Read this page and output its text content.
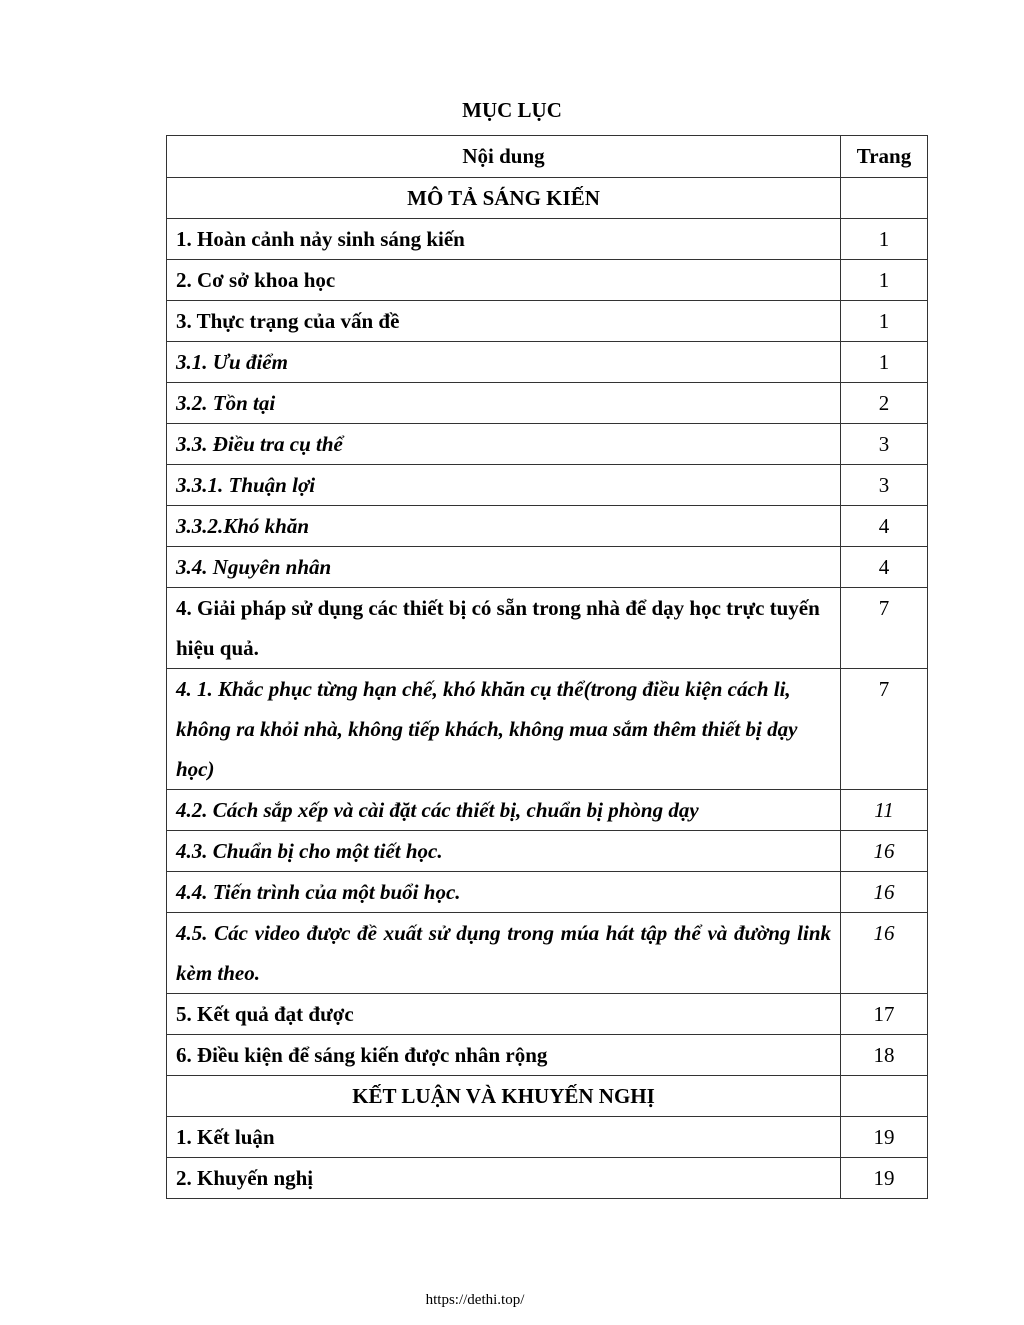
MỤC LỤC
Nội dung	Trang
MÔ TẢ SÁNG KIẾN	
1. Hoàn cảnh nảy sinh sáng kiến	1
2. Cơ sở khoa học	1
3. Thực trạng của vấn đề	1
3.1. Ưu điểm	1
3.2. Tồn tại	2
3.3. Điều tra cụ thể	3
3.3.1. Thuận lợi	3
3.3.2.Khó khăn	4
3.4. Nguyên nhân	4
4. Giải pháp sử dụng các thiết bị có sẵn trong nhà để dạy học trực tuyến hiệu quả.	7
4. 1. Khắc phục từng hạn chế, khó khăn cụ thể(trong điều kiện cách li, không ra khỏi nhà, không tiếp khách, không mua sắm thêm thiết bị dạy học)	7
4.2. Cách sắp xếp và cài đặt các thiết bị, chuẩn bị phòng dạy	11
4.3. Chuẩn bị cho một tiết học.	16
4.4. Tiến trình của một buổi học.	16
4.5. Các video được đề xuất sử dụng trong múa hát tập thể và đường link kèm theo.	16
5. Kết quả đạt được	17
6. Điều kiện để sáng kiến được nhân rộng	18
KẾT LUẬN VÀ KHUYẾN NGHỊ	
1. Kết luận	19
2. Khuyến nghị	19
https://dethi.top/
